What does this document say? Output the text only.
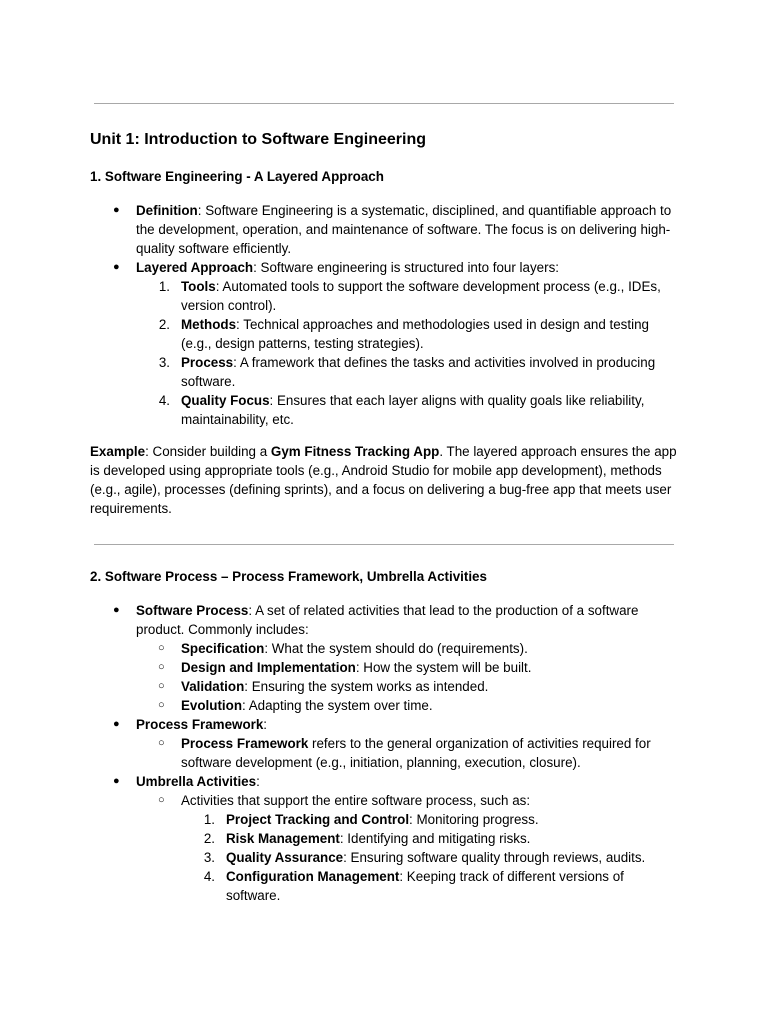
Unit 1: Introduction to Software Engineering
1. Software Engineering - A Layered Approach
● Definition: Software Engineering is a systematic, disciplined, and quantifiable approach to the development, operation, and maintenance of software. The focus is on delivering high-quality software efficiently.
● Layered Approach: Software engineering is structured into four layers:
1. Tools: Automated tools to support the software development process (e.g., IDEs, version control).
2. Methods: Technical approaches and methodologies used in design and testing (e.g., design patterns, testing strategies).
3. Process: A framework that defines the tasks and activities involved in producing software.
4. Quality Focus: Ensures that each layer aligns with quality goals like reliability, maintainability, etc.
Example: Consider building a Gym Fitness Tracking App. The layered approach ensures the app is developed using appropriate tools (e.g., Android Studio for mobile app development), methods (e.g., agile), processes (defining sprints), and a focus on delivering a bug-free app that meets user requirements.
2. Software Process – Process Framework, Umbrella Activities
● Software Process: A set of related activities that lead to the production of a software product. Commonly includes:
○ Specification: What the system should do (requirements).
○ Design and Implementation: How the system will be built.
○ Validation: Ensuring the system works as intended.
○ Evolution: Adapting the system over time.
● Process Framework:
○ Process Framework refers to the general organization of activities required for software development (e.g., initiation, planning, execution, closure).
● Umbrella Activities:
○ Activities that support the entire software process, such as:
1. Project Tracking and Control: Monitoring progress.
2. Risk Management: Identifying and mitigating risks.
3. Quality Assurance: Ensuring software quality through reviews, audits.
4. Configuration Management: Keeping track of different versions of software.
